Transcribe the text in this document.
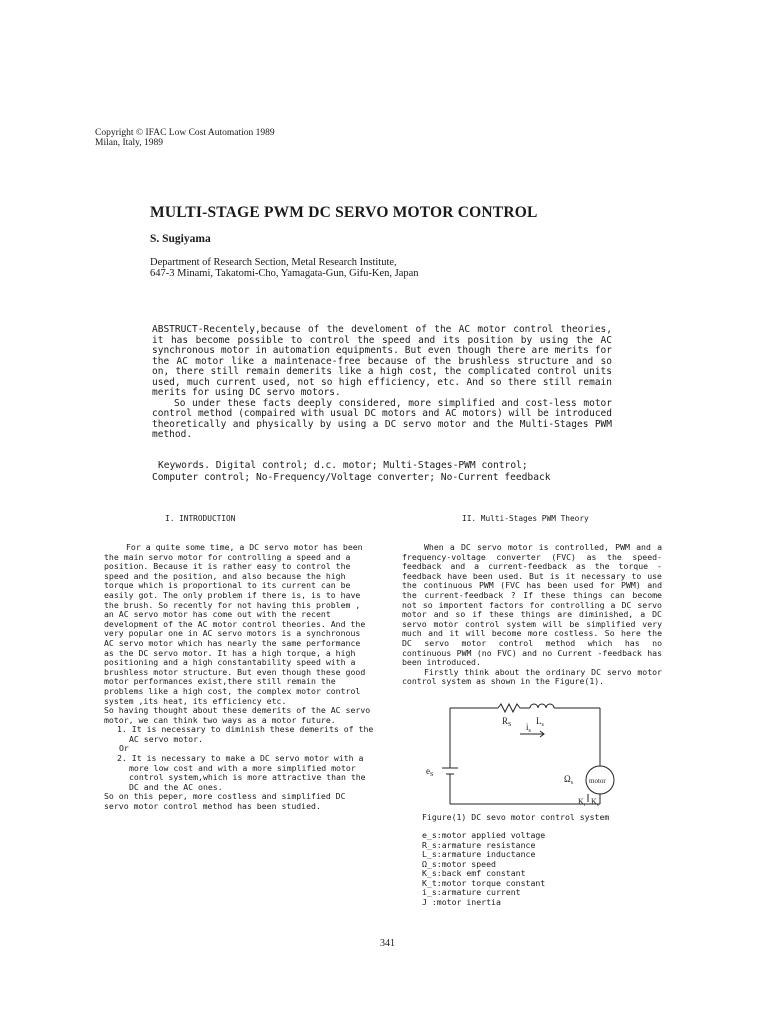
Copyright © IFAC Low Cost Automation 1989
Milan, Italy, 1989
MULTI-STAGE PWM DC SERVO MOTOR CONTROL
S. Sugiyama
Department of Research Section, Metal Research Institute,
647-3 Minami, Takatomi-Cho, Yamagata-Gun, Gifu-Ken, Japan

ABSTRUCT-Recentely,because of the develoment of the AC motor control theories, it has become possible to control the speed and its position by using the AC synchronous motor in automation equipments. But even though there are merits for the AC motor like a maintenace-free because of the brushless structure and so on, there still remain demerits like a high cost, the complicated control units used, much current used, not so high efficiency, etc. And so there still remain merits for using DC servo motors.

So under these facts deeply considered, more simplified and cost-less motor control method (compaired with usual DC motors and AC motors) will be introduced theoretically and physically by using a DC servo motor and the Multi-Stages PWM method.

Keywords. Digital control; d.c. motor; Multi-Stages-PWM control;
Computer control; No-Frequency/Voltage converter; No-Current feedback
I. INTRODUCTION

For a quite some time, a DC servo motor has been the main servo motor for controlling a speed and a position. Because it is rather easy to control the speed and the position, and also because the high torque which is proportional to its current can be easily got. The only problem if there is, is to have the brush. So recently for not having this problem , an AC servo motor has come out with the recent development of the AC motor control theories. And the very popular one in AC servo motors is a synchronous AC servo motor which has nearly the same performance as the DC servo motor. It has a high torque, a high positioning and a high constantability speed with a brushless motor structure. But even though these good motor performances exist,there still remain the problems like a high cost, the complex motor control system ,its heat, its efficiency etc.

So having thought about these demerits of the AC servo motor, we can think two ways as a motor future.

1. It is necessary to diminish these demerits of the AC servo motor.

Or

2. It is necessary to make a DC servo motor with a more low cost and with a more simplified motor control system,which is more attractive than the DC and the AC ones.

So on this peper, more costless and simplified DC servo motor control method has been studied.

II. Multi-Stages PWM Theory

When a DC servo motor is controlled, PWM and a frequency-voltage converter (FVC) as the speed-feedback and a current-feedback as the torque -feedback have been used. But is it necessary to use the continuous PWM (FVC has been used for PWM) and the current-feedback ? If these things can become not so importent factors for controlling a DC servo motor and so if these things are diminished, a DC servo motor control system will be simplified very much and it will become more costless. So here the DC servo motor control method which has no continuous PWM (no FVC) and no Current -feedback has been introduced.

Firstly think about the ordinary DC servo motor control system as shown in the Figure(1).

$e_S$
$R_S$	$L_s$
$i_s$
$\Omega_s$ motor
$K_t$ $K_s$
Figure(1) DC sevo motor control system
e_s:motor applied voltage
R_s:armature resistance
L_s:armature inductance
Ω_s:motor speed
K_s:back emf constant
K_t:motor torque constant
i_s:armature current
J :motor inertia
341
